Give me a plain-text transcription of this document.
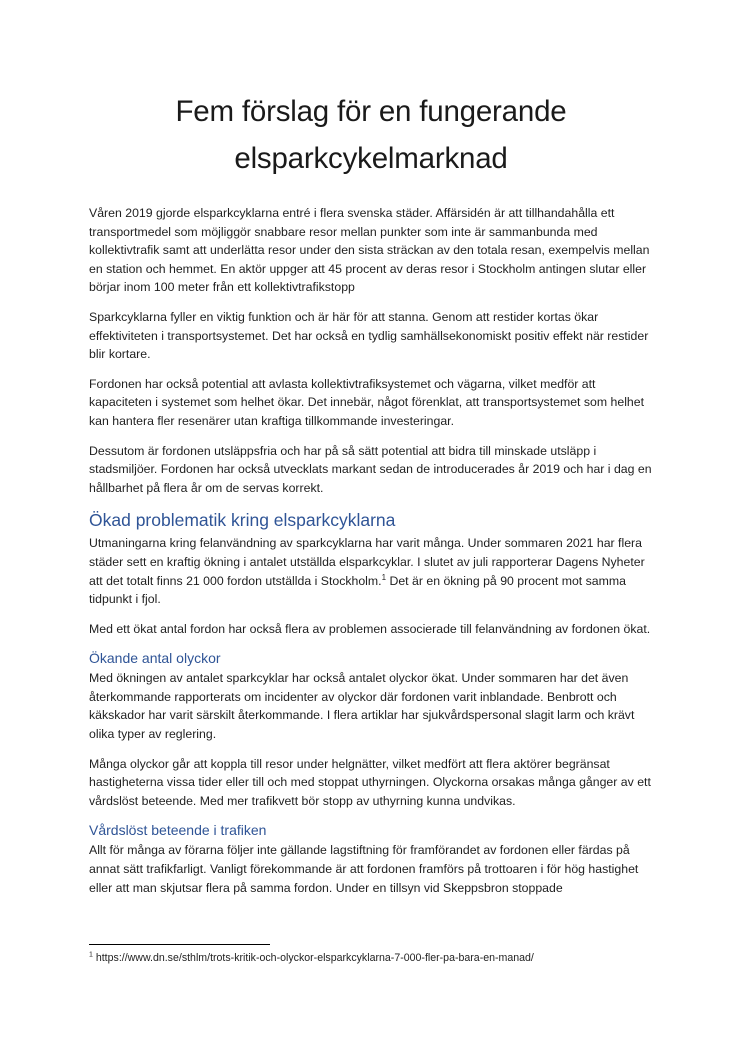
Fem förslag för en fungerande
elsparkcykelmarknad

Våren 2019 gjorde elsparkcyklarna entré i flera svenska städer. Affärsidén är att tillhandahålla ett transportmedel som möjliggör snabbare resor mellan punkter som inte är sammanbunda med kollektivtrafik samt att underlätta resor under den sista sträckan av den totala resan, exempelvis mellan en station och hemmet. En aktör uppger att 45 procent av deras resor i Stockholm antingen slutar eller börjar inom 100 meter från ett kollektivtrafikstopp

Sparkcyklarna fyller en viktig funktion och är här för att stanna. Genom att restider kortas ökar effektiviteten i transportsystemet. Det har också en tydlig samhällsekonomiskt positiv effekt när restider blir kortare.

Fordonen har också potential att avlasta kollektivtrafiksystemet och vägarna, vilket medför att kapaciteten i systemet som helhet ökar. Det innebär, något förenklat, att transportsystemet som helhet kan hantera fler resenärer utan kraftiga tillkommande investeringar.

Dessutom är fordonen utsläppsfria och har på så sätt potential att bidra till minskade utsläpp i stadsmiljöer. Fordonen har också utvecklats markant sedan de introducerades år 2019 och har i dag en hållbarhet på flera år om de servas korrekt.

Ökad problematik kring elsparkcyklarna

Utmaningarna kring felanvändning av sparkcyklarna har varit många. Under sommaren 2021 har flera städer sett en kraftig ökning i antalet utställda elsparkcyklar. I slutet av juli rapporterar Dagens Nyheter att det totalt finns 21 000 fordon utställda i Stockholm.$^1$ Det är en ökning på 90 procent mot samma tidpunkt i fjol.

Med ett ökat antal fordon har också flera av problemen associerade till felanvändning av fordonen ökat.

Ökande antal olyckor

Med ökningen av antalet sparkcyklar har också antalet olyckor ökat. Under sommaren har det även återkommande rapporterats om incidenter av olyckor där fordonen varit inblandade. Benbrott och käkskador har varit särskilt återkommande. I flera artiklar har sjukvårdspersonal slagit larm och krävt olika typer av reglering.

Många olyckor går att koppla till resor under helgnätter, vilket medfört att flera aktörer begränsat hastigheterna vissa tider eller till och med stoppat uthyrningen. Olyckorna orsakas många gånger av ett vårdslöst beteende. Med mer trafikvett bör stopp av uthyrning kunna undvikas.

Vårdslöst beteende i trafiken

Allt för många av förarna följer inte gällande lagstiftning för framförandet av fordonen eller färdas på annat sätt trafikfarligt. Vanligt förekommande är att fordonen framförs på trottoaren i för hög hastighet eller att man skjutsar flera på samma fordon. Under en tillsyn vid Skeppsbron stoppade

$^1$ https://www.dn.se/sthlm/trots-kritik-och-olyckor-elsparkcyklarna-7-000-fler-pa-bara-en-manad/
